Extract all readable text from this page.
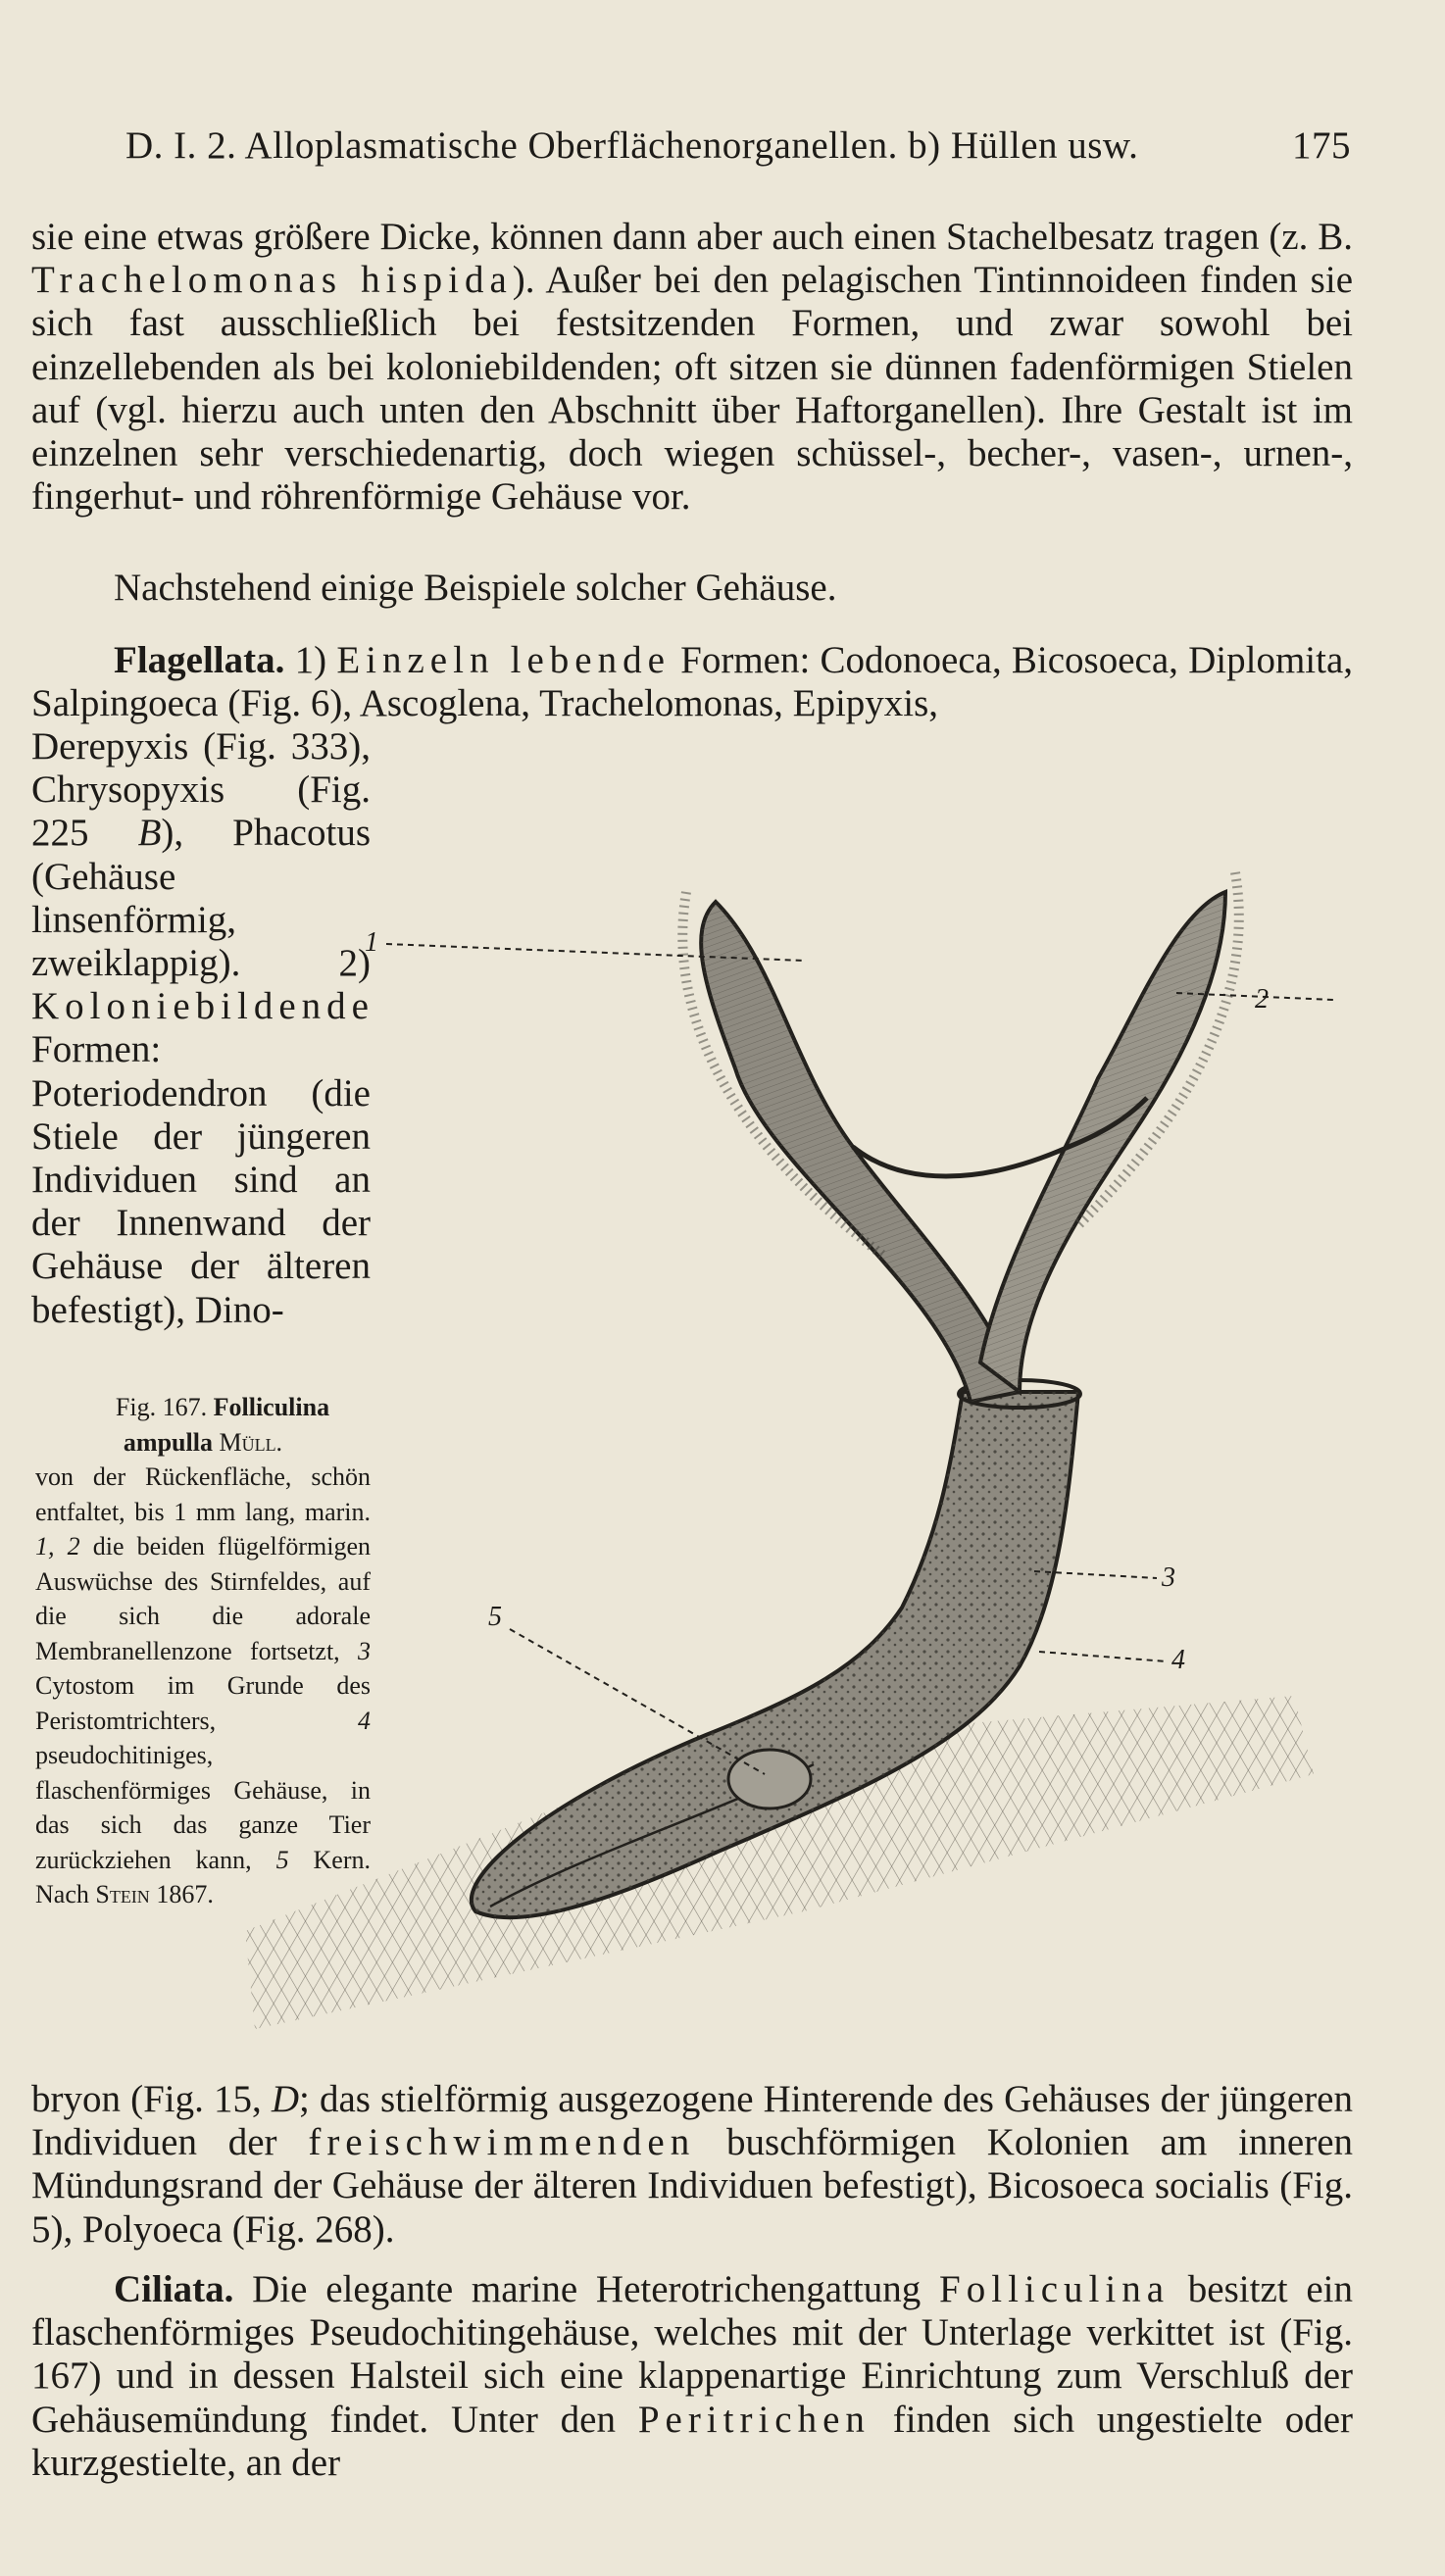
D. I. 2. Alloplasmatische Oberflächenorganellen. b) Hüllen usw.	175
sie eine etwas größere Dicke, können dann aber auch einen Stachelbesatz tragen (z. B. Trachelomonas hispida). Außer bei den pelagischen Tintinnoideen finden sie sich fast ausschließlich bei festsitzenden Formen, und zwar sowohl bei einzellebenden als bei koloniebildenden; oft sitzen sie dünnen fadenförmigen Stielen auf (vgl. hierzu auch unten den Abschnitt über Haftorganellen). Ihre Gestalt ist im einzelnen sehr verschiedenartig, doch wiegen schüssel-, becher-, vasen-, urnen-, fingerhut- und röhrenförmige Gehäuse vor.
Nachstehend einige Beispiele solcher Gehäuse.
Flagellata. 1) Einzeln lebende Formen: Codonoeca, Bicosoeca, Diplomita, Salpingoeca (Fig. 6), Ascoglena, Trachelomonas, Epipyxis,
Derepyxis (Fig. 333), Chrysopyxis (Fig. 225 B), Phacotus (Gehäuse linsenförmig, zweiklappig). 2) Koloniebildende Formen: Poteriodendron (die Stiele der jüngeren Individuen sind an der Innenwand der Gehäuse der älteren befestigt), Dino-
Fig. 167. Folliculina ampulla Müll.
von der Rückenfläche, schön entfaltet, bis 1 mm lang, marin. 1, 2 die beiden flügelförmigen Auswüchse des Stirnfeldes, auf die sich die adorale Membranellenzone fortsetzt, 3 Cytostom im Grunde des Peristomtrichters,	4 pseudochitiniges, flaschenförmiges Gehäuse, in das sich das ganze Tier zurückziehen kann, 5 Kern. Nach Stein 1867.
1
2
3
4
5
bryon (Fig. 15, D; das stielförmig ausgezogene Hinterende des Gehäuses der jüngeren Individuen der freischwimmenden buschförmigen Kolonien am inneren Mündungsrand der Gehäuse der älteren Individuen befestigt), Bicosoeca socialis (Fig. 5), Polyoeca (Fig. 268).
Ciliata. Die elegante marine Heterotrichengattung Folliculina besitzt ein flaschenförmiges Pseudochitingehäuse, welches mit der Unterlage verkittet ist (Fig. 167) und in dessen Halsteil sich eine klappenartige Einrichtung zum Verschluß der Gehäusemündung findet. Unter den Peritrichen finden sich ungestielte oder kurzgestielte, an der
